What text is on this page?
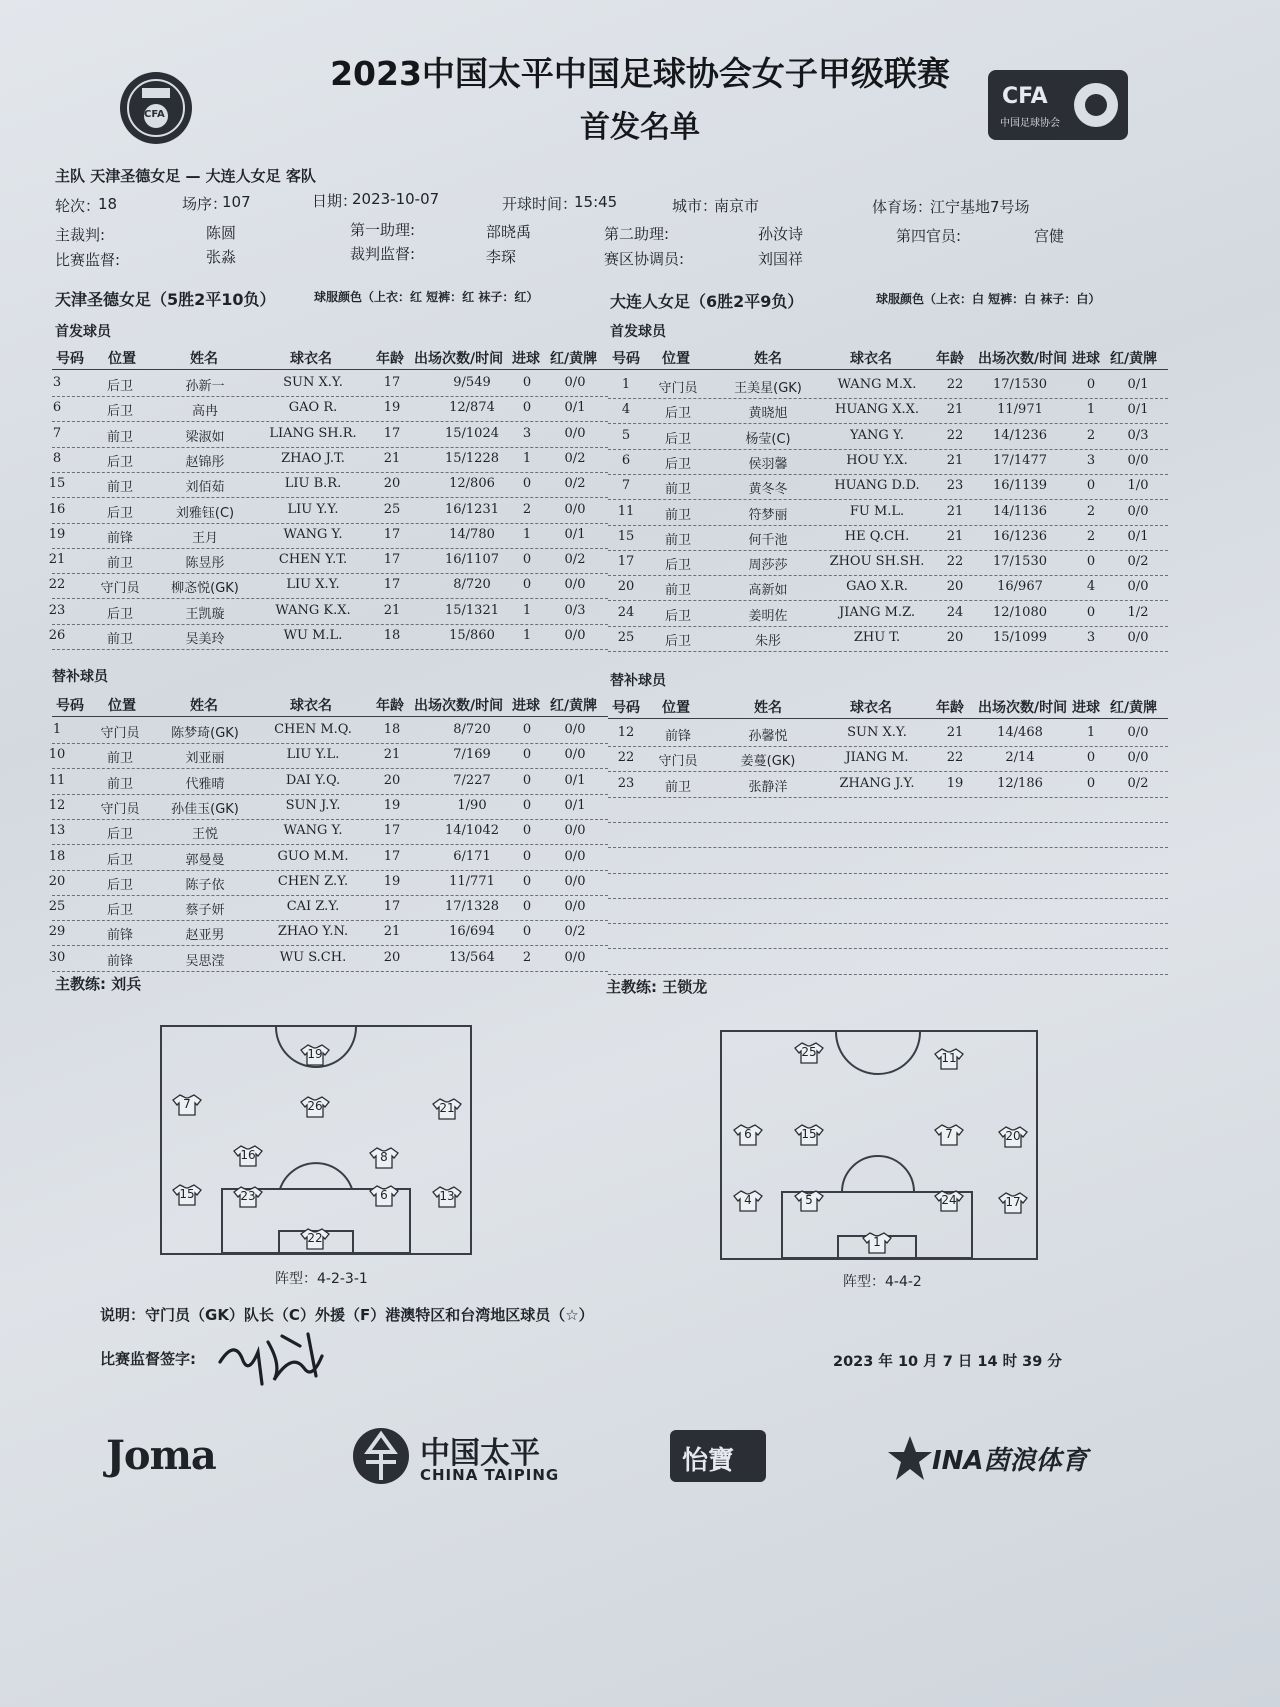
CFA
CFA
中国足球协会
2023中国太平中国足球协会女子甲级联赛
首发名单
主队 天津圣德女足 — 大连人女足 客队
轮次：
18	场序：
107	日期：
2023-10-07	开球时间：
15:45	城市：
南京市	体育场：
江宁基地7号场
主裁判:	陈圆	第一助理:	部晓禹	第二助理:	孙汝诗	第四官员:	宫健
比赛监督:	张淼	裁判监督:	李琛	赛区协调员:	刘国祥
天津圣德女足（5胜2平10负）	球服颜色（上衣：红 短裤：红 袜子：红）	大连人女足（6胜2平9负）	球服颜色（上衣：白 短裤：白 袜子：白）
首发球员	首发球员
号码 位置	姓名	球衣名	年龄 出场次数/时间 进球 红/黄牌
3	后卫	孙新一	SUN X.Y.	17	9/549 0	0/0
6	后卫	高冉	GAO R.	19	12/874 0	0/1
7	前卫	梁淑如	LIANG SH.R. 17	15/1024 3	0/0
8	后卫	赵锦彤	ZHAO J.T.	21	15/1228 1	0/2
15	前卫	刘佰茹	LIU B.R.	20	12/806 0	0/2
16	后卫	刘雅钰(C)	LIU Y.Y.	25	16/1231 2	0/0
19	前锋	王月	WANG Y.	17	14/780 1	0/1
21	前卫	陈昱彤	CHEN Y.T.	17	16/1107 0	0/2
22	守门员 柳忞悦(GK)	LIU X.Y.	17	8/720 0	0/0
23	后卫	王凯璇	WANG K.X.	21	15/1321 1	0/3
26	前卫	吴美玲	WU M.L.	18	15/860 1	0/0
号码 位置	姓名	球衣名	年龄 出场次数/时间 进球 红/黄牌
1 守门员	王美星(GK)	WANG M.X. 22 17/1530	0 0/1
4	后卫	黄晓旭	HUANG X.X. 21	11/971	1 0/1
5	后卫	杨莹(C)	YANG Y.	22 14/1236	2 0/3
6	后卫	侯羽馨	HOU Y.X.	21 17/1477	3 0/0
7	前卫	黄冬冬	HUANG D.D. 23 16/1139	0 1/0
11 前卫	符梦丽	FU M.L.	21 14/1136	2 0/0
15 前卫	何千池	HE Q.CH.	21 16/1236	2 0/1
17 后卫	周莎莎	ZHOU SH.SH. 22 17/1530	0 0/2
20 前卫	高新如	GAO X.R.	20	16/967	4 0/0
24 后卫	姜明佐	JIANG M.Z. 24 12/1080	0 1/2
25 后卫	朱彤	ZHU T.	20 15/1099	3 0/0
号码 位置	姓名	球衣名	年龄 出场次数/时间 进球 红/黄牌
1	守门员 陈梦琦(GK)	CHEN M.Q. 18	8/720 0	0/0
10	前卫	刘亚丽	LIU Y.L.	21	7/169 0	0/0
11	前卫	代雅晴	DAI Y.Q.	20	7/227 0	0/1
12	守门员 孙佳玉(GK)	SUN J.Y.	19	1/90	0	0/1
13	后卫	王悦	WANG Y.	17	14/1042 0	0/0
18	后卫	郭曼曼	GUO M.M.	17	6/171 0	0/0
20	后卫	陈子依	CHEN Z.Y.	19	11/771 0	0/0
25	后卫	蔡子妍	CAI Z.Y.	17	17/1328 0	0/0
29	前锋	赵亚男	ZHAO Y.N.	21	16/694 0	0/2
30	前锋	吴思滢	WU S.CH.	20	13/564 2	0/0
号码 位置	姓名	球衣名	年龄 出场次数/时间 进球 红/黄牌
12 前锋	孙馨悦	SUN X.Y.	21	14/468	1 0/0
22 守门员	姜蔓(GK)	JIANG M.	22	2/14	0 0/0
23 前卫	张静洋	ZHANG J.Y. 19	12/186	0 0/2
替补球员	替补球员
主教练: 刘兵	主教练: 王锁龙
19
7	26	21
16	8
15	23	6	13
22
25	11
6	15	7	20
4	5	24	17
1
阵型：4-2-3-1	阵型：4-4-2
说明：守门员（GK）队长（C）外援（F）港澳特区和台湾地区球员（☆）
比赛监督签字:	2023 年 10 月 7 日 14 时 39 分
Joma	中国太平
CHINA TAIPING	怡寶	INA茵浪体育
